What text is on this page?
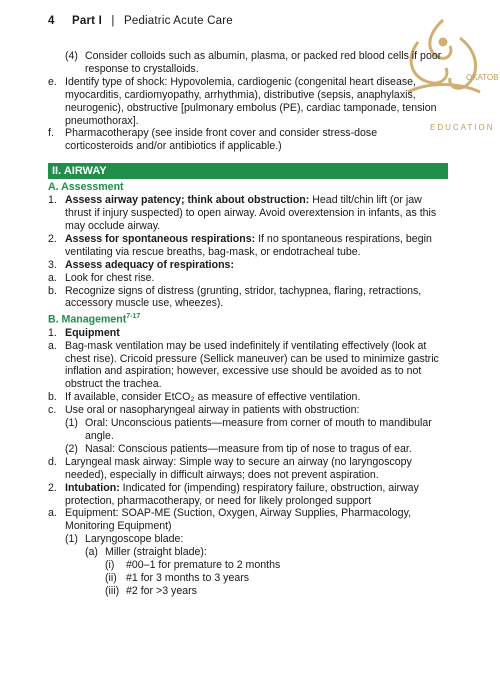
4 Part I | Pediatric Acute Care
OKATOB
EDUCATION
(4) Consider colloids such as albumin, plasma, or packed red blood cells if poor response to crystalloids.
e. Identify type of shock: Hypovolemia, cardiogenic (congenital heart disease, myocarditis, cardiomyopathy, arrhythmia), distributive (sepsis, anaphylaxis, neurogenic), obstructive [pulmonary embolus (PE), cardiac tamponade, tension pneumothorax].
f. Pharmacotherapy (see inside front cover and consider stress-dose corticosteroids and/or antibiotics if applicable.)
II. AIRWAY
A. Assessment
1. Assess airway patency; think about obstruction: Head tilt/chin lift (or jaw thrust if injury suspected) to open airway. Avoid overextension in infants, as this may occlude airway.
2. Assess for spontaneous respirations: If no spontaneous respirations, begin ventilating via rescue breaths, bag-mask, or endotracheal tube.
3. Assess adequacy of respirations:
a. Look for chest rise.
b. Recognize signs of distress (grunting, stridor, tachypnea, flaring, retractions, accessory muscle use, wheezes).
B. Management$^{7-17}$
1. Equipment
a. Bag-mask ventilation may be used indefinitely if ventilating effectively (look at chest rise). Cricoid pressure (Sellick maneuver) can be used to minimize gastric inflation and aspiration; however, excessive use should be avoided as to not obstruct the trachea.
b. If available, consider EtCO₂ as measure of effective ventilation.
c. Use oral or nasopharyngeal airway in patients with obstruction:
(1) Oral: Unconscious patients—measure from corner of mouth to mandibular angle.
(2) Nasal: Conscious patients—measure from tip of nose to tragus of ear.
d. Laryngeal mask airway: Simple way to secure an airway (no laryngoscopy needed), especially in difficult airways; does not prevent aspiration.
2. Intubation: Indicated for (impending) respiratory failure, obstruction, airway protection, pharmacotherapy, or need for likely prolonged support
a. Equipment: SOAP-ME (Suction, Oxygen, Airway Supplies, Pharmacology, Monitoring Equipment)
(1) Laryngoscope blade:
(a) Miller (straight blade):
(i) #00–1 for premature to 2 months
(ii) #1 for 3 months to 3 years
(iii) #2 for >3 years
